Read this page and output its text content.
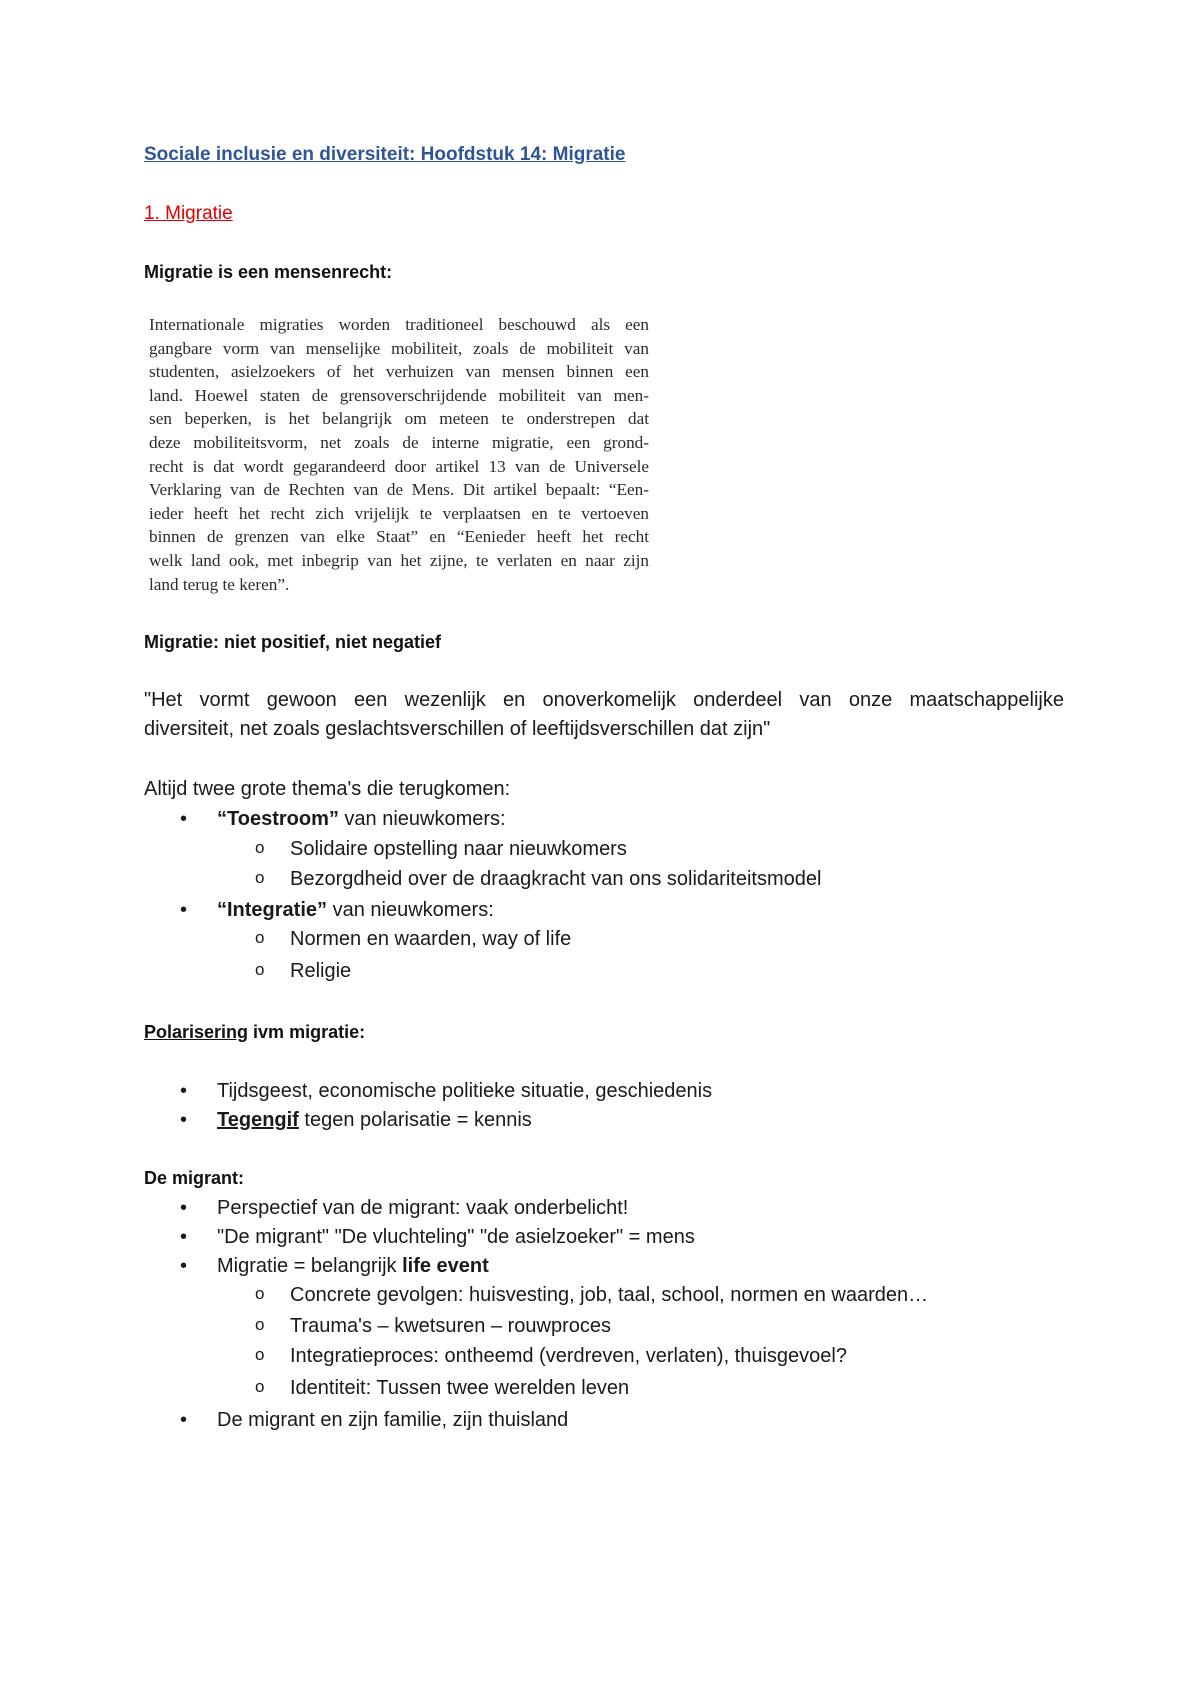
Sociale inclusie en diversiteit: Hoofdstuk 14: Migratie
1. Migratie
Migratie is een mensenrecht:
Internationale migraties worden traditioneel beschouwd als een
gangbare vorm van menselijke mobiliteit, zoals de mobiliteit van
studenten, asielzoekers of het verhuizen van mensen binnen een
land. Hoewel staten de grensoverschrijdende mobiliteit van men-
sen beperken, is het belangrijk om meteen te onderstrepen dat
deze mobiliteitsvorm, net zoals de interne migratie, een grond-
recht is dat wordt gegarandeerd door artikel 13 van de Universele
Verklaring van de Rechten van de Mens. Dit artikel bepaalt: “Een-
ieder heeft het recht zich vrijelijk te verplaatsen en te vertoeven
binnen de grenzen van elke Staat” en “Eenieder heeft het recht
welk land ook, met inbegrip van het zijne, te verlaten en naar zijn
land terug te keren”.
Migratie: niet positief, niet negatief
"Het vormt gewoon een wezenlijk en onoverkomelijk onderdeel van onze maatschappelijke
diversiteit, net zoals geslachtsverschillen of leeftijdsverschillen dat zijn"
Altijd twee grote thema's die terugkomen:
• “Toestroom” van nieuwkomers:
o Solidaire opstelling naar nieuwkomers
o Bezorgdheid over de draagkracht van ons solidariteitsmodel
• “Integratie” van nieuwkomers:
o Normen en waarden, way of life
o Religie
Polarisering ivm migratie:
• Tijdsgeest, economische politieke situatie, geschiedenis
• Tegengif tegen polarisatie = kennis
De migrant:
• Perspectief van de migrant: vaak onderbelicht!
• "De migrant" "De vluchteling" "de asielzoeker" = mens
• Migratie = belangrijk life event
o Concrete gevolgen: huisvesting, job, taal, school, normen en waarden…
o Trauma's – kwetsuren – rouwproces
o Integratieproces: ontheemd (verdreven, verlaten), thuisgevoel?
o Identiteit: Tussen twee werelden leven
• De migrant en zijn familie, zijn thuisland
